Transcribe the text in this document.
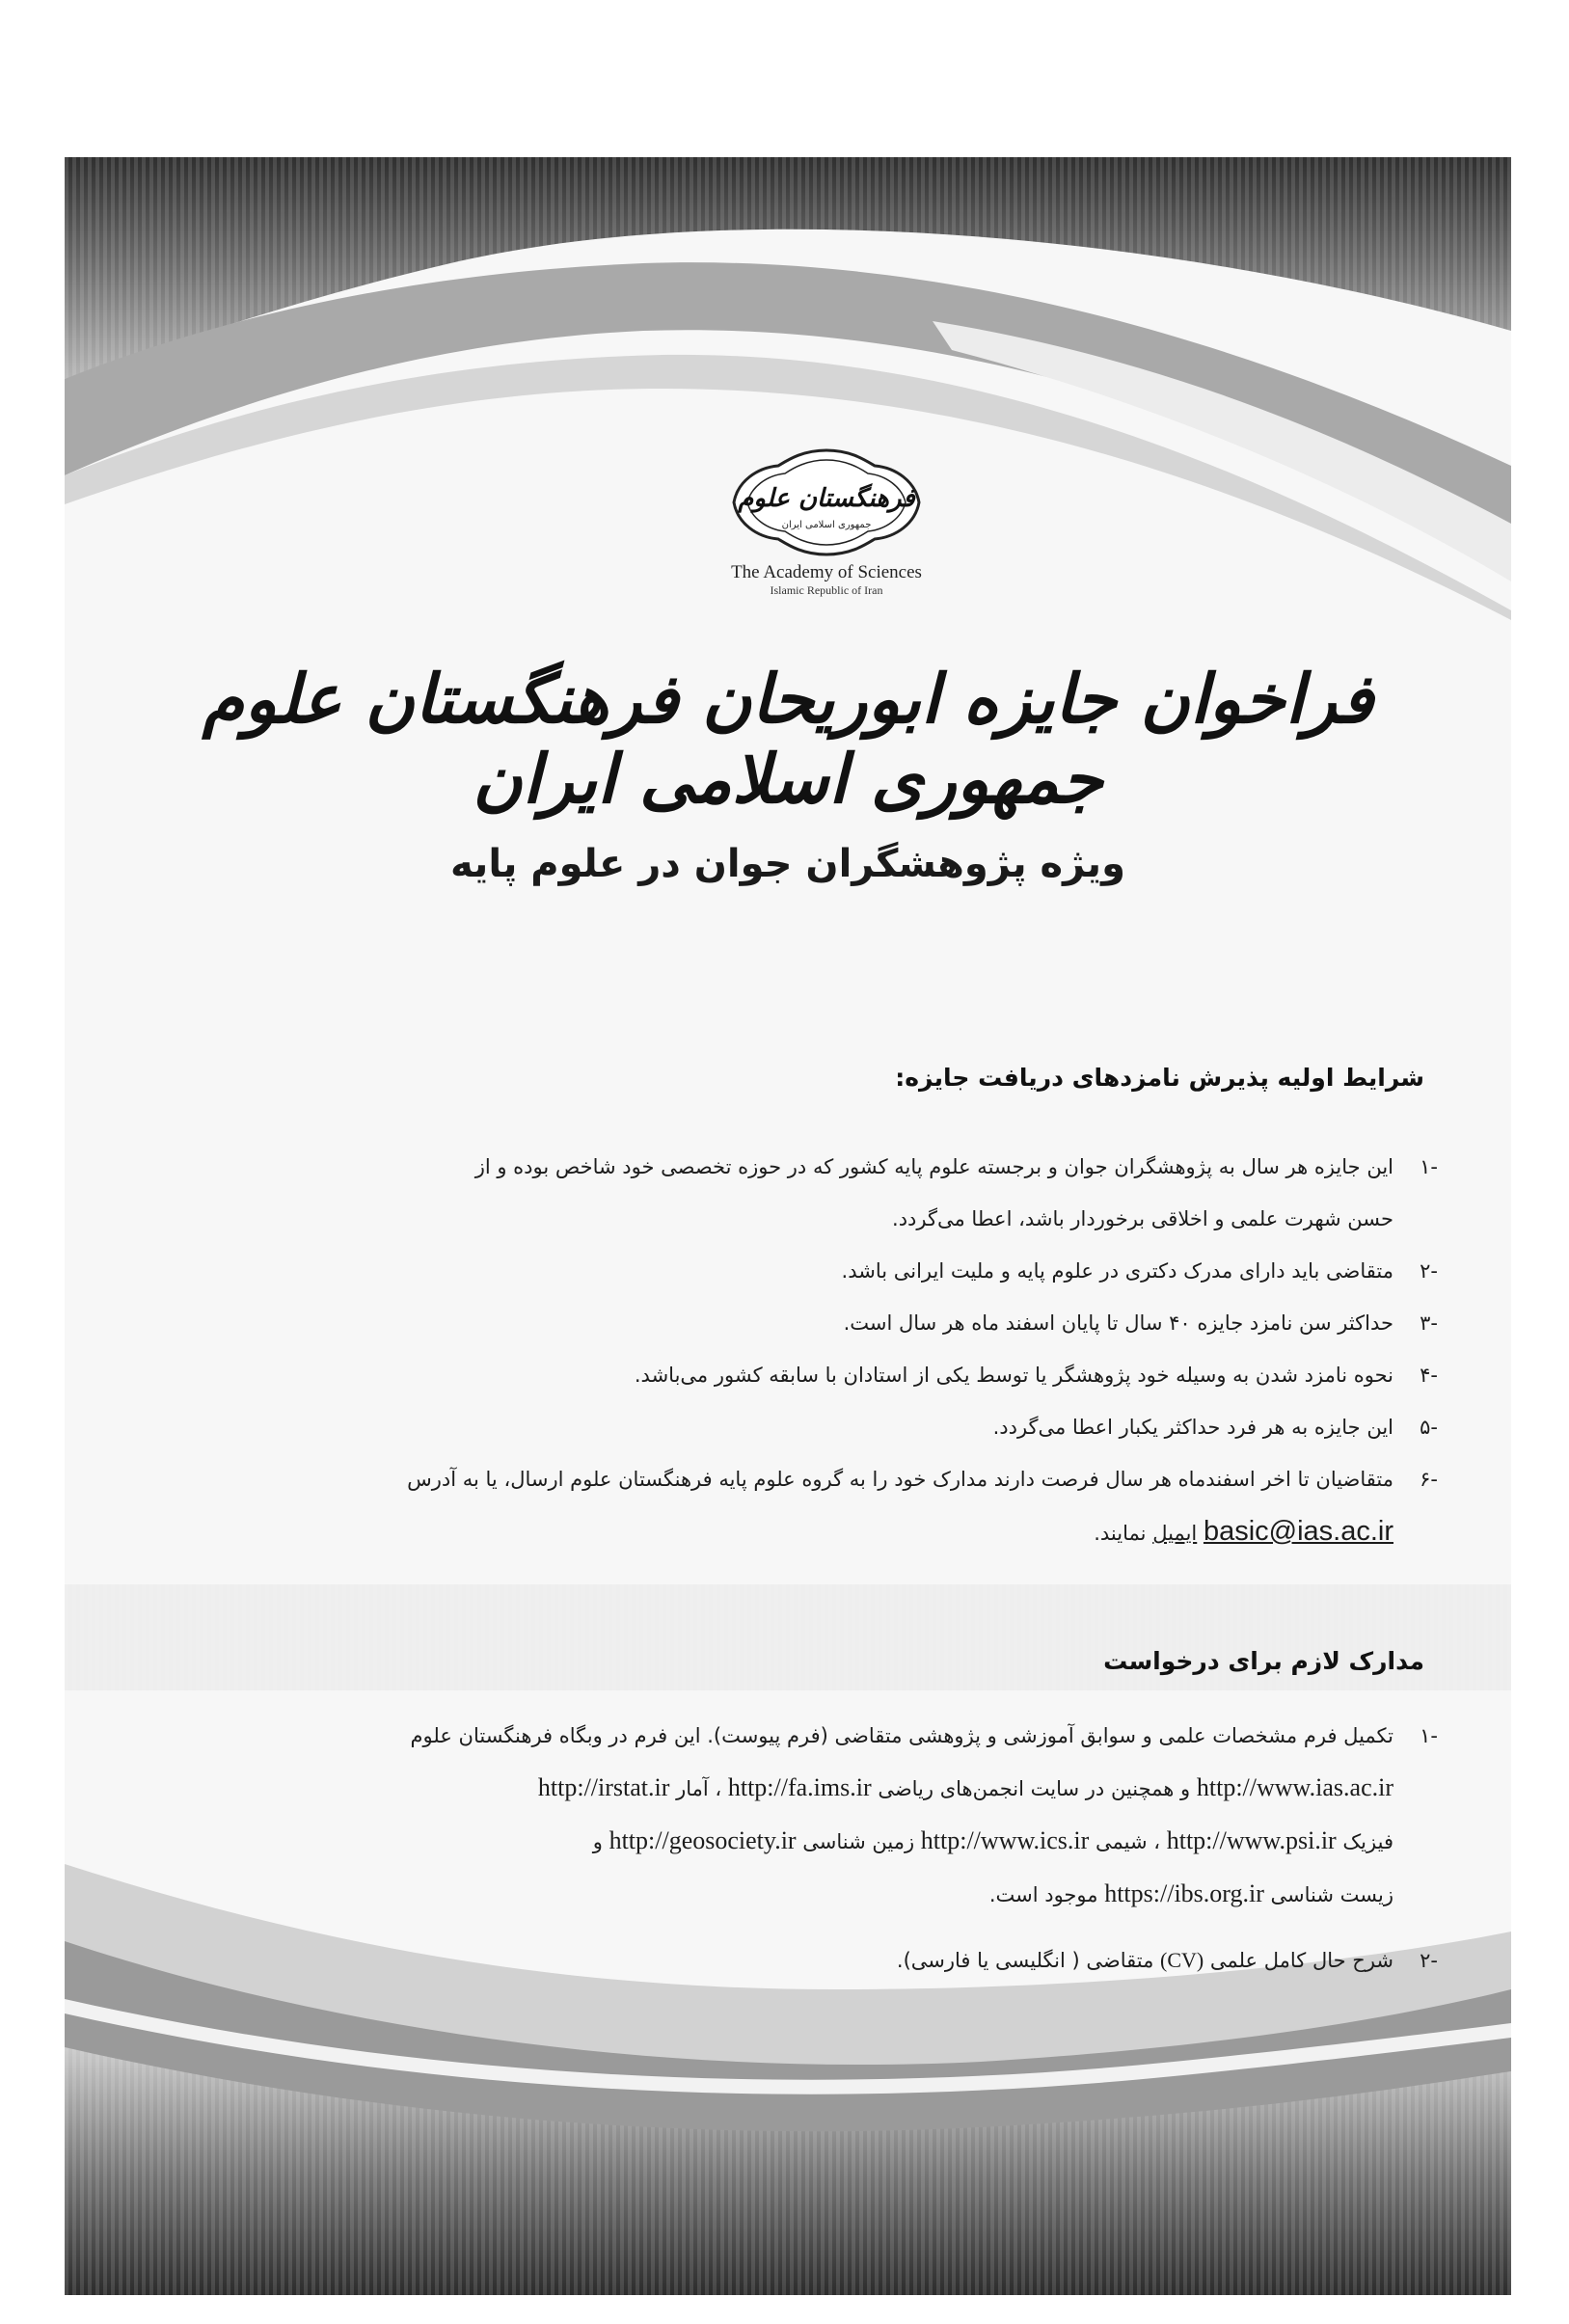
فرهنگستان علوم
جمهوری اسلامی ایران
The Academy of Sciences
Islamic Republic of Iran
فراخوان جایزه ابوریحان فرهنگستان علوم جمهوری اسلامی ایران
ویژه پژوهشگران جوان در علوم پایه
شرایط اولیه پذیرش نامزدهای دریافت جایزه:
-۱
این جایزه هر سال به پژوهشگران جوان و برجسته علوم پایه کشور که در حوزه تخصصی خود شاخص بوده و از
حسن شهرت علمی و اخلاقی برخوردار باشد، اعطا می‌گردد.
-۲
متقاضی باید دارای مدرک دکتری در علوم پایه و ملیت ایرانی باشد.
-۳
حداکثر سن نامزد جایزه ۴۰ سال تا پایان اسفند ماه هر سال است.
-۴
نحوه نامزد شدن به وسیله خود پژوهشگر یا توسط یکی از استادان با سابقه کشور می‌باشد.
-۵
این جایزه به هر فرد حداکثر یکبار اعطا می‌گردد.
-۶
متقاضیان تا اخر اسفندماه هر سال فرصت دارند مدارک خود را به گروه علوم پایه فرهنگستان علوم ارسال، یا به آدرس
basic@ias.ac.ir ایمیل نمایند.
مدارک لازم برای درخواست
-۱
تکمیل فرم مشخصات علمی و سوابق آموزشی و پژوهشی متقاضی (فرم پیوست). این فرم در وبگاه فرهنگستان علوم
http://www.ias.ac.ir و همچنین در سایت انجمن‌های ریاضی http://fa.ims.ir ، آمار http://irstat.ir
فیزیک http://www.psi.ir ، شیمی http://www.ics.ir زمین شناسی http://geosociety.ir و
زیست شناسی https://ibs.org.ir موجود است.
-۲
شرح حال کامل علمی (CV) متقاضی ( انگلیسی یا فارسی).
